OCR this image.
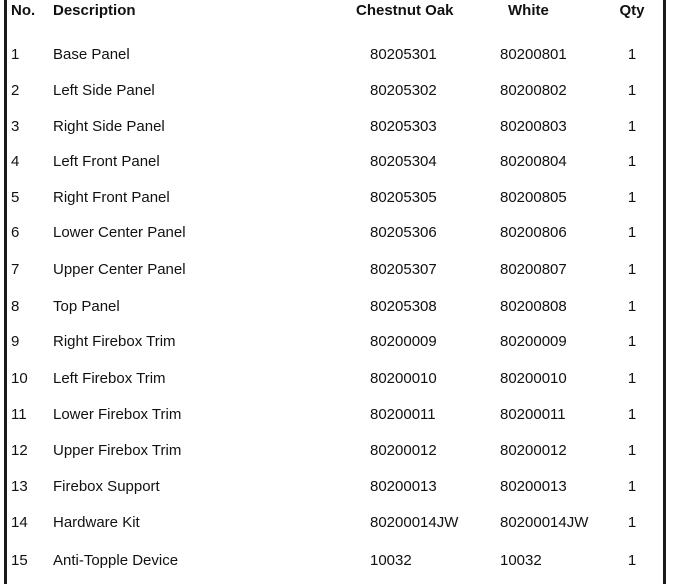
No. Description	Chestnut Oak	White	Qty
1 Base Panel	80205301	80200801	1
2 Left Side Panel	80205302	80200802	1
3 Right Side Panel	80205303	80200803	1
4 Left Front Panel	80205304	80200804	1
5 Right Front Panel	80205305	80200805	1
6 Lower Center Panel	80205306	80200806	1
7 Upper Center Panel	80205307	80200807	1
8 Top Panel	80205308	80200808	1
9 Right Firebox Trim	80200009	80200009	1
10 Left Firebox Trim	80200010	80200010	1
11 Lower Firebox Trim	80200011	80200011	1
12 Upper Firebox Trim	80200012	80200012	1
13 Firebox Support	80200013	80200013	1
14 Hardware Kit	80200014JW	80200014JW	1
15 Anti-Topple Device	10032	10032	1
